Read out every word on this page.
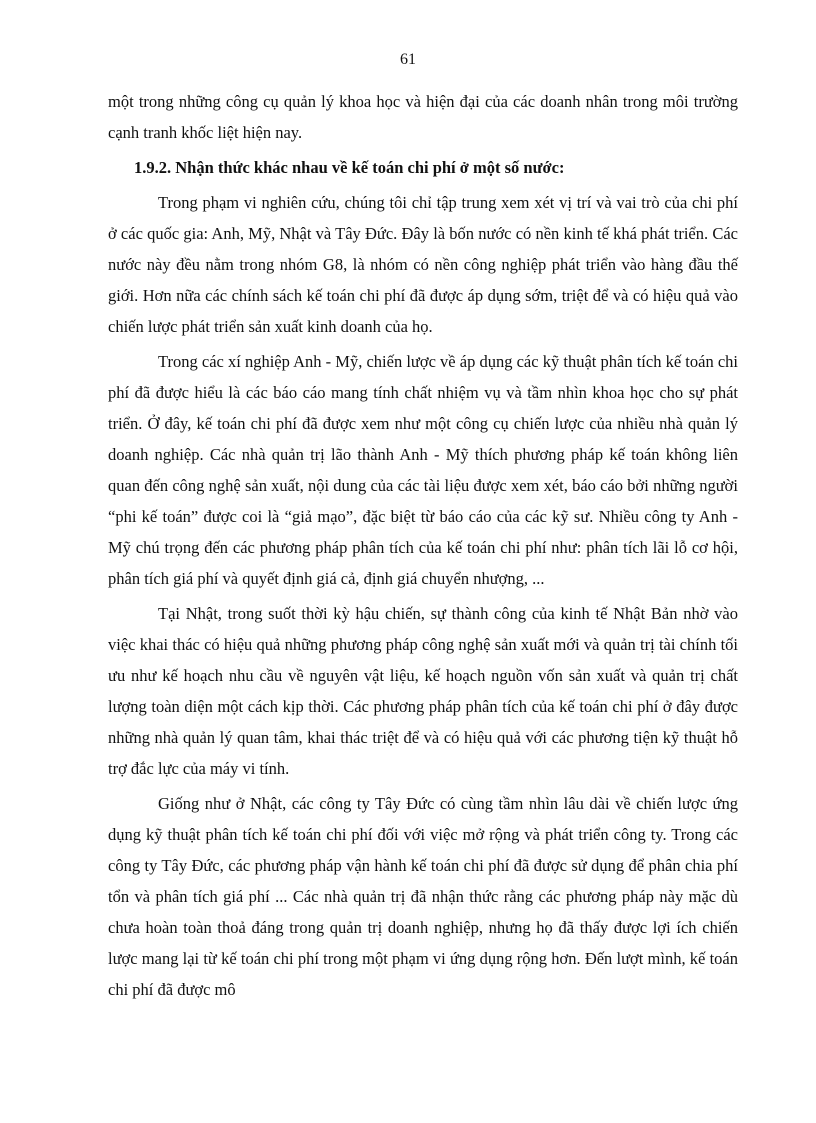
61

một trong những công cụ quản lý khoa học và hiện đại của các doanh nhân trong môi trường cạnh tranh khốc liệt hiện nay.

1.9.2. Nhận thức khác nhau về kế toán chi phí ở một số nước:

Trong phạm vi nghiên cứu, chúng tôi chỉ tập trung xem xét vị trí và vai trò của chi phí ở các quốc gia: Anh, Mỹ, Nhật và Tây Đức. Đây là bốn nước có nền kinh tế khá phát triển. Các nước này đều nằm trong nhóm G8, là nhóm có nền công nghiệp phát triển vào hàng đầu thế giới. Hơn nữa các chính sách kế toán chi phí đã được áp dụng sớm, triệt để và có hiệu quả vào chiến lược phát triển sản xuất kinh doanh của họ.

Trong các xí nghiệp Anh - Mỹ, chiến lược về áp dụng các kỹ thuật phân tích kế toán chi phí đã được hiểu là các báo cáo mang tính chất nhiệm vụ và tầm nhìn khoa học cho sự phát triển. Ở đây, kế toán chi phí đã được xem như một công cụ chiến lược của nhiều nhà quản lý doanh nghiệp. Các nhà quản trị lão thành Anh - Mỹ thích phương pháp kế toán không liên quan đến công nghệ sản xuất, nội dung của các tài liệu được xem xét, báo cáo bởi những người “phi kế toán” được coi là “giả mạo”, đặc biệt từ báo cáo của các kỹ sư. Nhiều công ty Anh - Mỹ chú trọng đến các phương pháp phân tích của kế toán chi phí như: phân tích lãi lỗ cơ hội, phân tích giá phí và quyết định giá cả, định giá chuyển nhượng, ...

Tại Nhật, trong suốt thời kỳ hậu chiến, sự thành công của kinh tế Nhật Bản nhờ vào việc khai thác có hiệu quả những phương pháp công nghệ sản xuất mới và quản trị tài chính tối ưu như kế hoạch nhu cầu về nguyên vật liệu, kế hoạch nguồn vốn sản xuất và quản trị chất lượng toàn diện một cách kịp thời. Các phương pháp phân tích của kế toán chi phí ở đây được những nhà quản lý quan tâm, khai thác triệt để và có hiệu quả với các phương tiện kỹ thuật hỗ trợ đắc lực của máy vi tính.

Giống như ở Nhật, các công ty Tây Đức có cùng tầm nhìn lâu dài về chiến lược ứng dụng kỹ thuật phân tích kế toán chi phí đối với việc mở rộng và phát triển công ty. Trong các công ty Tây Đức, các phương pháp vận hành kế toán chi phí đã được sử dụng để phân chia phí tổn và phân tích giá phí ... Các nhà quản trị đã nhận thức rằng các phương pháp này mặc dù chưa hoàn toàn thoả đáng trong quản trị doanh nghiệp, nhưng họ đã thấy được lợi ích chiến lược mang lại từ kế toán chi phí trong một phạm vi ứng dụng rộng hơn. Đến lượt mình, kế toán chi phí đã được mô
